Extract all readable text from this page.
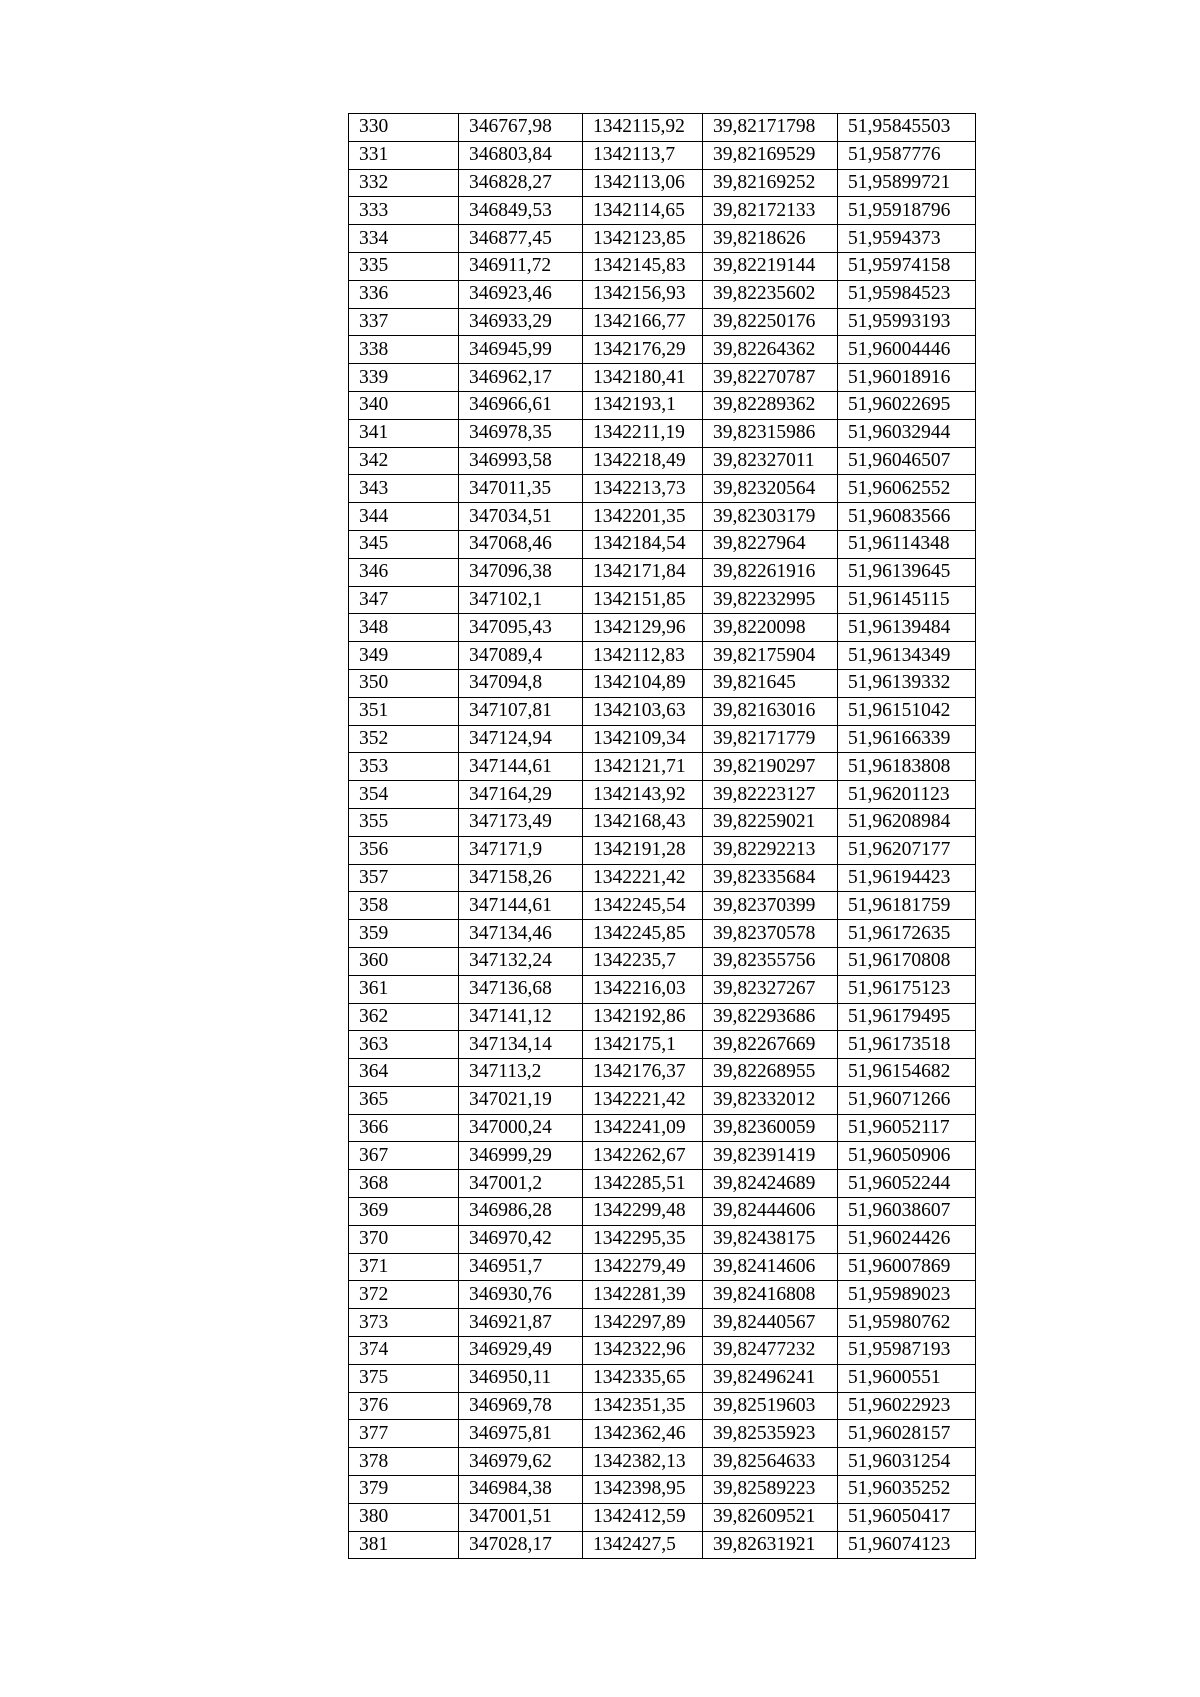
330	346767,98	1342115,92	39,82171798	51,95845503
331	346803,84	1342113,7	39,82169529	51,9587776
332	346828,27	1342113,06	39,82169252	51,95899721
333	346849,53	1342114,65	39,82172133	51,95918796
334	346877,45	1342123,85	39,8218626	51,9594373
335	346911,72	1342145,83	39,82219144	51,95974158
336	346923,46	1342156,93	39,82235602	51,95984523
337	346933,29	1342166,77	39,82250176	51,95993193
338	346945,99	1342176,29	39,82264362	51,96004446
339	346962,17	1342180,41	39,82270787	51,96018916
340	346966,61	1342193,1	39,82289362	51,96022695
341	346978,35	1342211,19	39,82315986	51,96032944
342	346993,58	1342218,49	39,82327011	51,96046507
343	347011,35	1342213,73	39,82320564	51,96062552
344	347034,51	1342201,35	39,82303179	51,96083566
345	347068,46	1342184,54	39,8227964	51,96114348
346	347096,38	1342171,84	39,82261916	51,96139645
347	347102,1	1342151,85	39,82232995	51,96145115
348	347095,43	1342129,96	39,8220098	51,96139484
349	347089,4	1342112,83	39,82175904	51,96134349
350	347094,8	1342104,89	39,821645	51,96139332
351	347107,81	1342103,63	39,82163016	51,96151042
352	347124,94	1342109,34	39,82171779	51,96166339
353	347144,61	1342121,71	39,82190297	51,96183808
354	347164,29	1342143,92	39,82223127	51,96201123
355	347173,49	1342168,43	39,82259021	51,96208984
356	347171,9	1342191,28	39,82292213	51,96207177
357	347158,26	1342221,42	39,82335684	51,96194423
358	347144,61	1342245,54	39,82370399	51,96181759
359	347134,46	1342245,85	39,82370578	51,96172635
360	347132,24	1342235,7	39,82355756	51,96170808
361	347136,68	1342216,03	39,82327267	51,96175123
362	347141,12	1342192,86	39,82293686	51,96179495
363	347134,14	1342175,1	39,82267669	51,96173518
364	347113,2	1342176,37	39,82268955	51,96154682
365	347021,19	1342221,42	39,82332012	51,96071266
366	347000,24	1342241,09	39,82360059	51,96052117
367	346999,29	1342262,67	39,82391419	51,96050906
368	347001,2	1342285,51	39,82424689	51,96052244
369	346986,28	1342299,48	39,82444606	51,96038607
370	346970,42	1342295,35	39,82438175	51,96024426
371	346951,7	1342279,49	39,82414606	51,96007869
372	346930,76	1342281,39	39,82416808	51,95989023
373	346921,87	1342297,89	39,82440567	51,95980762
374	346929,49	1342322,96	39,82477232	51,95987193
375	346950,11	1342335,65	39,82496241	51,9600551
376	346969,78	1342351,35	39,82519603	51,96022923
377	346975,81	1342362,46	39,82535923	51,96028157
378	346979,62	1342382,13	39,82564633	51,96031254
379	346984,38	1342398,95	39,82589223	51,96035252
380	347001,51	1342412,59	39,82609521	51,96050417
381	347028,17	1342427,5	39,82631921	51,96074123
